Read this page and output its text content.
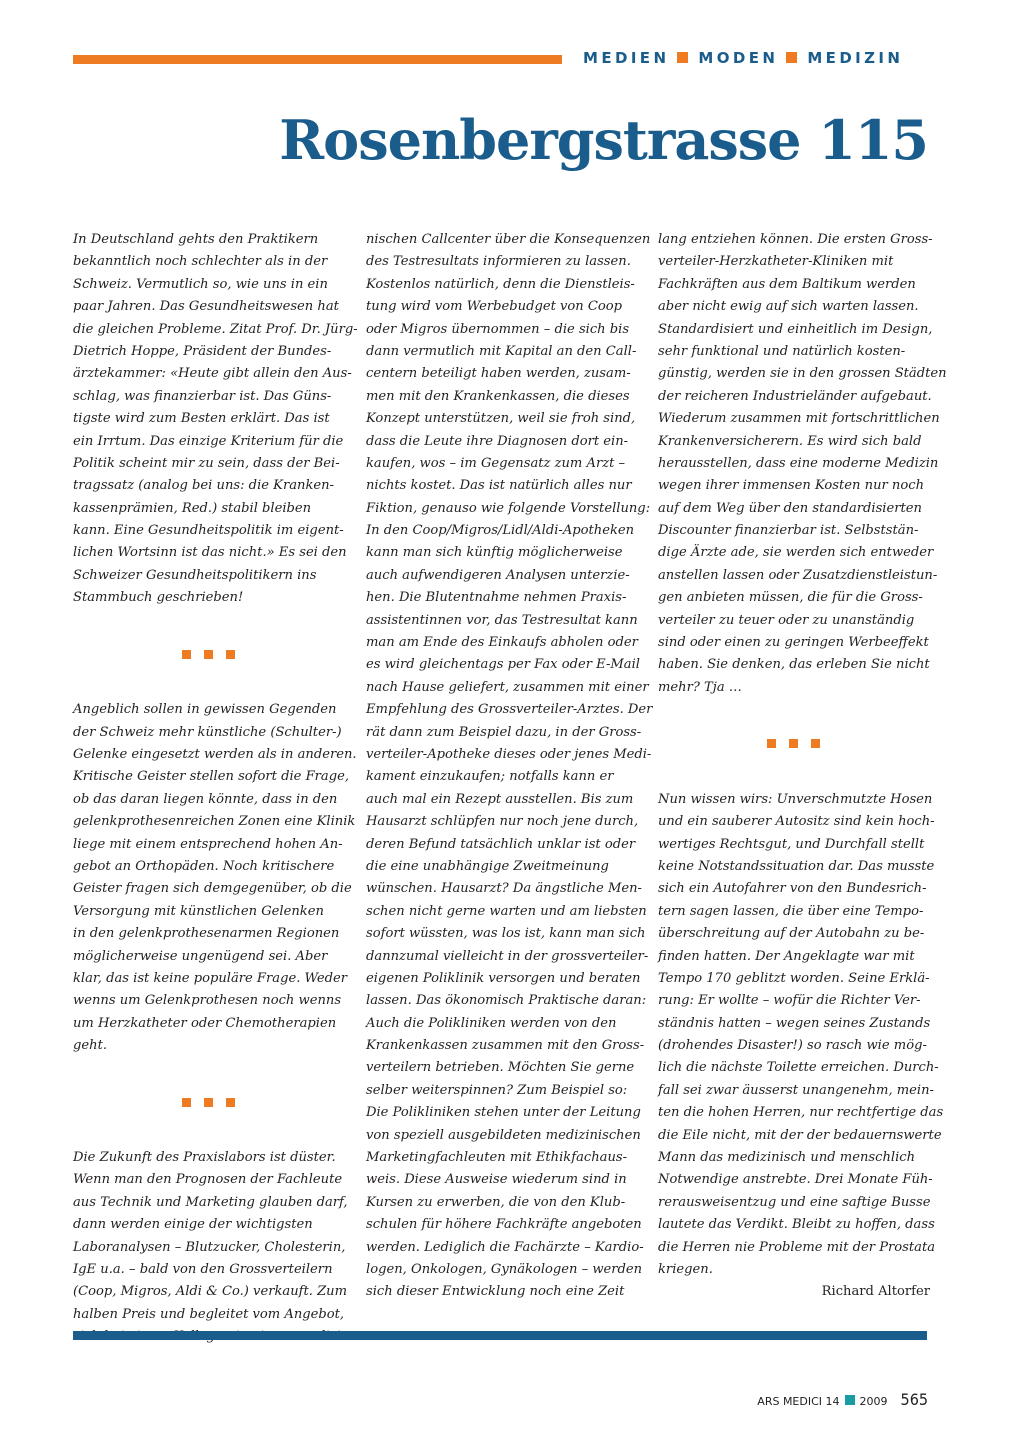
MEDIEN MODEN MEDIZIN
Rosenbergstrasse 115
In Deutschland gehts den Praktikern
bekanntlich noch schlechter als in der
Schweiz. Vermutlich so, wie uns in ein
paar Jahren. Das Gesundheitswesen hat
die gleichen Probleme. Zitat Prof. Dr. Jürg-
Dietrich Hoppe, Präsident der Bundes-
ärztekammer: «Heute gibt allein den Aus-
schlag, was finanzierbar ist. Das Güns-
tigste wird zum Besten erklärt. Das ist
ein Irrtum. Das einzige Kriterium für die
Politik scheint mir zu sein, dass der Bei-
tragssatz (analog bei uns: die Kranken-
kassenprämien, Red.) stabil bleiben
kann. Eine Gesundheitspolitik im eigent-
lichen Wortsinn ist das nicht.» Es sei den
Schweizer Gesundheitspolitikern ins
Stammbuch geschrieben!
Angeblich sollen in gewissen Gegenden
der Schweiz mehr künstliche (Schulter-)
Gelenke eingesetzt werden als in anderen.
Kritische Geister stellen sofort die Frage,
ob das daran liegen könnte, dass in den
gelenkprothesenreichen Zonen eine Klinik
liege mit einem entsprechend hohen An-
gebot an Orthopäden. Noch kritischere
Geister fragen sich demgegenüber, ob die
Versorgung mit künstlichen Gelenken
in den gelenkprothesenarmen Regionen
möglicherweise ungenügend sei. Aber
klar, das ist keine populäre Frage. Weder
wenns um Gelenkprothesen noch wenns
um Herzkatheter oder Chemotherapien
geht.
Die Zukunft des Praxislabors ist düster.
Wenn man den Prognosen der Fachleute
aus Technik und Marketing glauben darf,
dann werden einige der wichtigsten
Laboranalysen – Blutzucker, Cholesterin,
IgE u.a. – bald von den Grossverteilern
(Coop, Migros, Aldi & Co.) verkauft. Zum
halben Preis und begleitet vom Angebot,
nischen Callcenter über die Konsequenzen
des Testresultats informieren zu lassen.
Kostenlos natürlich, denn die Dienstleis-
tung wird vom Werbebudget von Coop
oder Migros übernommen – die sich bis
dann vermutlich mit Kapital an den Call-
centern beteiligt haben werden, zusam-
men mit den Krankenkassen, die dieses
Konzept unterstützen, weil sie froh sind,
dass die Leute ihre Diagnosen dort ein-
kaufen, wos – im Gegensatz zum Arzt –
nichts kostet. Das ist natürlich alles nur
Fiktion, genauso wie folgende Vorstellung:
In den Coop/Migros/Lidl/Aldi-Apotheken
kann man sich künftig möglicherweise
auch aufwendigeren Analysen unterzie-
hen. Die Blutentnahme nehmen Praxis-
assistentinnen vor, das Testresultat kann
man am Ende des Einkaufs abholen oder
es wird gleichentags per Fax oder E-Mail
nach Hause geliefert, zusammen mit einer
Empfehlung des Grossverteiler-Arztes. Der
rät dann zum Beispiel dazu, in der Gross-
verteiler-Apotheke dieses oder jenes Medi-
kament einzukaufen; notfalls kann er
auch mal ein Rezept ausstellen. Bis zum
Hausarzt schlüpfen nur noch jene durch,
deren Befund tatsächlich unklar ist oder
die eine unabhängige Zweitmeinung
wünschen. Hausarzt? Da ängstliche Men-
schen nicht gerne warten und am liebsten
sofort wüssten, was los ist, kann man sich
dannzumal vielleicht in der grossverteiler-
eigenen Poliklinik versorgen und beraten
lassen. Das ökonomisch Praktische daran:
Auch die Polikliniken werden von den
Krankenkassen zusammen mit den Gross-
verteilern betrieben. Möchten Sie gerne
selber weiterspinnen? Zum Beispiel so:
Die Polikliniken stehen unter der Leitung
von speziell ausgebildeten medizinischen
Marketingfachleuten mit Ethikfachaus-
weis. Diese Ausweise wiederum sind in
Kursen zu erwerben, die von den Klub-
schulen für höhere Fachkräfte angeboten
werden. Lediglich die Fachärzte – Kardio-
logen, Onkologen, Gynäkologen – werden
sich dieser Entwicklung noch eine Zeit
lang entziehen können. Die ersten Gross-
verteiler-Herzkatheter-Kliniken mit
Fachkräften aus dem Baltikum werden
aber nicht ewig auf sich warten lassen.
Standardisiert und einheitlich im Design,
sehr funktional und natürlich kosten-
günstig, werden sie in den grossen Städten
der reicheren Industrieländer aufgebaut.
Wiederum zusammen mit fortschrittlichen
Krankenversicherern. Es wird sich bald
herausstellen, dass eine moderne Medizin
wegen ihrer immensen Kosten nur noch
auf dem Weg über den standardisierten
Discounter finanzierbar ist. Selbststän-
dige Ärzte ade, sie werden sich entweder
anstellen lassen oder Zusatzdienstleistun-
gen anbieten müssen, die für die Gross-
verteiler zu teuer oder zu unanständig
sind oder einen zu geringen Werbeeffekt
haben. Sie denken, das erleben Sie nicht
mehr? Tja …
Nun wissen wirs: Unverschmutzte Hosen
und ein sauberer Autositz sind kein hoch-
wertiges Rechtsgut, und Durchfall stellt
keine Notstandssituation dar. Das musste
sich ein Autofahrer von den Bundesrich-
tern sagen lassen, die über eine Tempo-
überschreitung auf der Autobahn zu be-
finden hatten. Der Angeklagte war mit
Tempo 170 geblitzt worden. Seine Erklä-
rung: Er wollte – wofür die Richter Ver-
ständnis hatten – wegen seines Zustands
(drohendes Disaster!) so rasch wie mög-
lich die nächste Toilette erreichen. Durch-
fall sei zwar äusserst unangenehm, mein-
ten die hohen Herren, nur rechtfertige das
die Eile nicht, mit der der bedauernswerte
Mann das medizinisch und menschlich
Notwendige anstrebte. Drei Monate Füh-
rerausweisentzug und eine saftige Busse
lautete das Verdikt. Bleibt zu hoffen, dass
die Herren nie Probleme mit der Prostata
kriegen.
Richard Altorfer
ARS MEDICI 14 2009 565
